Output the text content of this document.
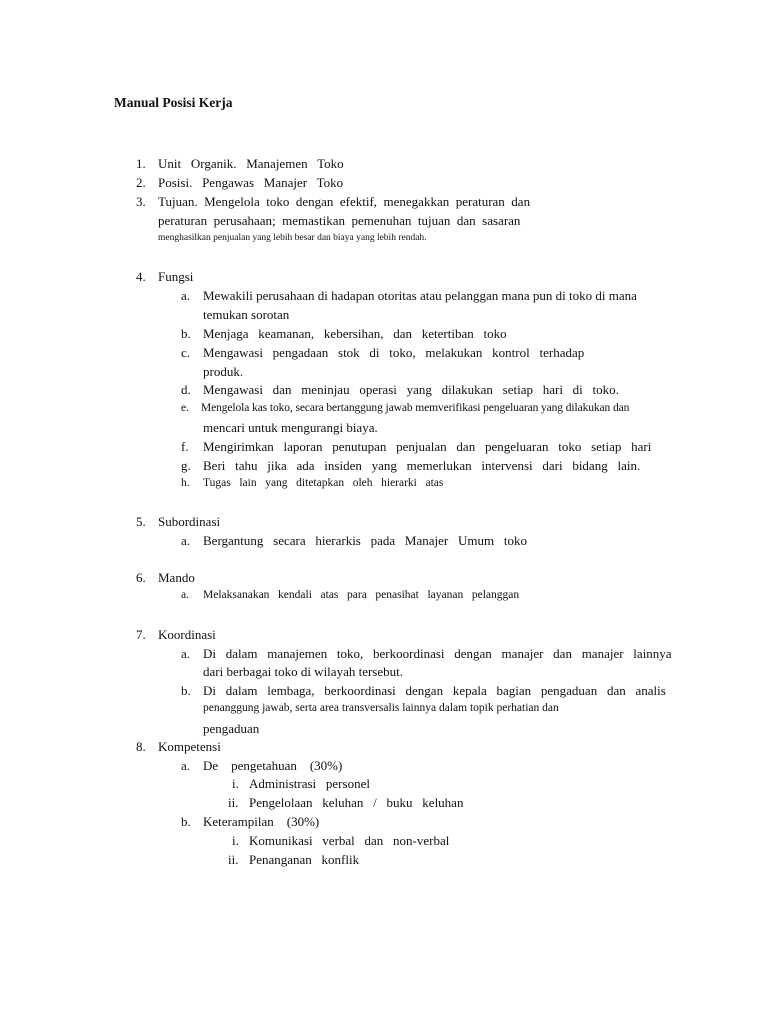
Manual Posisi Kerja
1. Unit   Organik.   Manajemen   Toko
2. Posisi.   Pengawas   Manajer   Toko
3. Tujuan.  Mengelola  toko  dengan  efektif,  menegakkan  peraturan  dan
peraturan  perusahaan;  memastikan  pemenuhan  tujuan  dan  sasaran
menghasilkan penjualan yang lebih besar dan biaya yang lebih rendah.
4. Fungsi
a. Mewakili perusahaan di hadapan otoritas atau pelanggan mana pun di toko di mana
temukan sorotan
b. Menjaga   keamanan,   kebersihan,   dan   ketertiban   toko
c. Mengawasi   pengadaan   stok   di   toko,   melakukan   kontrol   terhadap
produk.
d. Mengawasi   dan   meninjau   operasi   yang   dilakukan   setiap   hari   di   toko.
e. Mengelola kas toko, secara bertanggung jawab memverifikasi pengeluaran yang dilakukan dan
mencari untuk mengurangi biaya.
f. Mengirimkan   laporan   penutupan   penjualan   dan   pengeluaran   toko   setiap   hari
g. Beri   tahu   jika   ada   insiden   yang   memerlukan   intervensi   dari   bidang   lain.
h. Tugas   lain   yang   ditetapkan   oleh   hierarki   atas
5. Subordinasi
a. Bergantung   secara   hierarkis   pada   Manajer   Umum   toko
6. Mando
a. Melaksanakan   kendali   atas   para   penasihat   layanan   pelanggan
7. Koordinasi
a. Di   dalam   manajemen   toko,   berkoordinasi   dengan   manajer   dan   manajer   lainnya
dari berbagai toko di wilayah tersebut.
b. Di   dalam   lembaga,   berkoordinasi   dengan   kepala   bagian   pengaduan   dan   analis
penanggung jawab, serta area transversalis lainnya dalam topik perhatian dan
pengaduan
8. Kompetensi
a. De    pengetahuan    (30%)
i. Administrasi   personel
ii. Pengelolaan   keluhan   /   buku   keluhan
b. Keterampilan    (30%)
i. Komunikasi   verbal   dan   non-verbal
ii. Penanganan   konflik
